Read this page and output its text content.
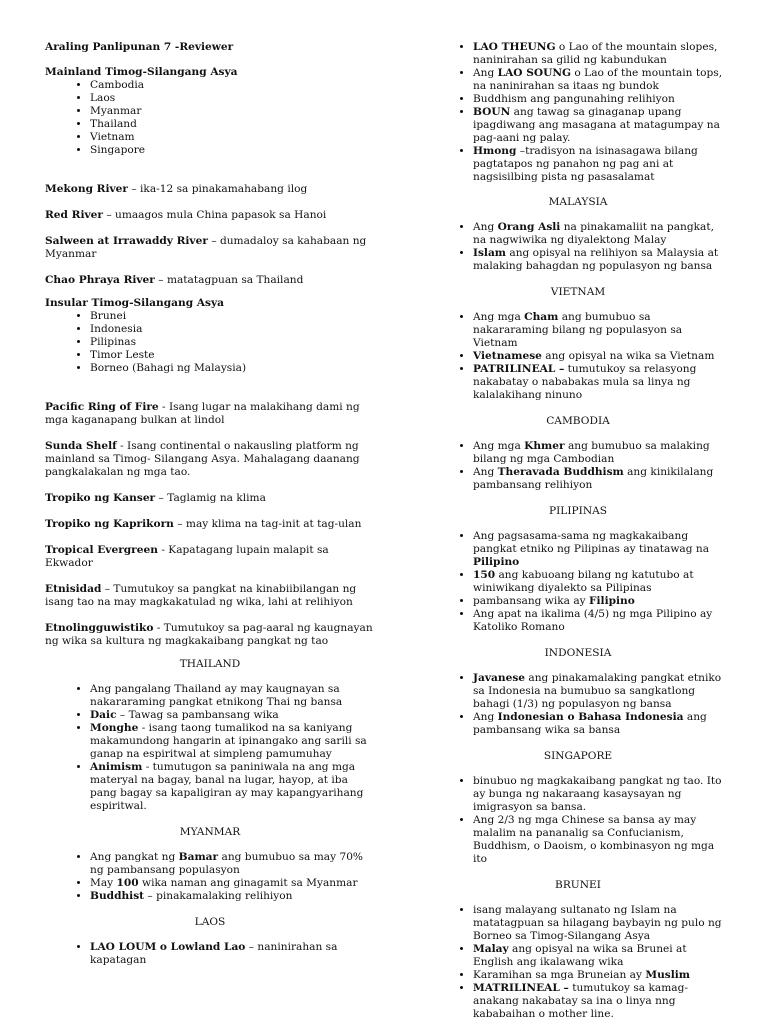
Araling Panlipunan 7 -Reviewer
Mainland Timog-Silangang Asya
• Cambodia
• Laos
• Myanmar
• Thailand
• Vietnam
• Singapore

Mekong River – ika-12 sa pinakamahabang ilog

Red River – umaagos mula China papasok sa Hanoi

Salween at Irrawaddy River – dumadaloy sa kahabaan ng Myanmar

Chao Phraya River – matatagpuan sa Thailand

Insular Timog-Silangang Asya
• Brunei
• Indonesia
• Pilipinas
• Timor Leste
• Borneo (Bahagi ng Malaysia)

Pacific Ring of Fire - Isang lugar na malakihang dami ng mga kaganapang bulkan at lindol

Sunda Shelf - Isang continental o nakausling platform ng mainland sa Timog- Silangang Asya. Mahalagang daanang pangkalakalan ng mga tao.

Tropiko ng Kanser – Taglamig na klima

Tropiko ng Kaprikorn – may klima na tag-init at tag-ulan

Tropical Evergreen - Kapatagang lupain malapit sa Ekwador

Etnisidad – Tumutukoy sa pangkat na kinabiibilangan ng isang tao na may magkakatulad ng wika, lahi at relihiyon

Etnolingguwistiko - Tumutukoy sa pag-aaral ng kaugnayan ng wika sa kultura ng magkakaibang pangkat ng tao

THAILAND
• Ang pangalang Thailand ay may kaugnayan sa nakararaming pangkat etnikong Thai ng bansa
• Daic – Tawag sa pambansang wika
• Monghe - isang taong tumalikod na sa kaniyang makamundong hangarin at ipinangako ang sarili sa ganap na espiritwal at simpleng pamumuhay
• Animism - tumutugon sa paniniwala na ang mga materyal na bagay, banal na lugar, hayop, at iba pang bagay sa kapaligiran ay may kapangyarihang espiritwal.
MYANMAR
• Ang pangkat ng Bamar ang bumubuo sa may 70% ng pambansang populasyon
• May 100 wika naman ang ginagamit sa Myanmar
• Buddhist – pinakamalaking relihiyon
LAOS
• LAO LOUM o Lowland Lao – naninirahan sa kapatagan
• LAO THEUNG o Lao of the mountain slopes, naninirahan sa gilid ng kabundukan
• Ang LAO SOUNG o Lao of the mountain tops, na naninirahan sa itaas ng bundok
• Buddhism ang pangunahing relihiyon
• BOUN ang tawag sa ginaganap upang ipagdiwang ang masagana at matagumpay na pag-aani ng palay.
• Hmong –tradisyon na isinasagawa bilang pagtatapos ng panahon ng pag ani at nagsisilbing pista ng pasasalamat
MALAYSIA
• Ang Orang Asli na pinakamaliit na pangkat, na nagwiwika ng diyalektong Malay
• Islam ang opisyal na relihiyon sa Malaysia at malaking bahagdan ng populasyon ng bansa
VIETNAM
• Ang mga Cham ang bumubuo sa nakararaming bilang ng populasyon sa Vietnam
• Vietnamese ang opisyal na wika sa Vietnam
• PATRILINEAL – tumutukoy sa relasyong nakabatay o nababakas mula sa linya ng kalalakihang ninuno
CAMBODIA
• Ang mga Khmer ang bumubuo sa malaking bilang ng mga Cambodian
• Ang Theravada Buddhism ang kinikilalang pambansang relihiyon
PILIPINAS
• Ang pagsasama-sama ng magkakaibang pangkat etniko ng Pilipinas ay tinatawag na Pilipino
• 150 ang kabuoang bilang ng katutubo at winiwikang diyalekto sa Pilipinas
• pambansang wika ay Filipino
• Ang apat na ikalima (4/5) ng mga Pilipino ay Katoliko Romano
INDONESIA
• Javanese ang pinakamalaking pangkat etniko sa Indonesia na bumubuo sa sangkatlong bahagi (1/3) ng populasyon ng bansa
• Ang Indonesian o Bahasa Indonesia ang pambansang wika sa bansa
SINGAPORE
• binubuo ng magkakaibang pangkat ng tao. Ito ay bunga ng nakaraang kasaysayan ng imigrasyon sa bansa.
• Ang 2/3 ng mga Chinese sa bansa ay may malalim na pananalig sa Confucianism, Buddhism, o Daoism, o kombinasyon ng mga ito
BRUNEI
• isang malayang sultanato ng Islam na matatagpuan sa hilagang baybayin ng pulo ng Borneo sa Timog-Silangang Asya
• Malay ang opisyal na wika sa Brunei at English ang ikalawang wika
• Karamihan sa mga Bruneian ay Muslim
• MATRILINEAL – tumutukoy sa kamag-anakang nakabatay sa ina o linya nng kababaihan o mother line.
